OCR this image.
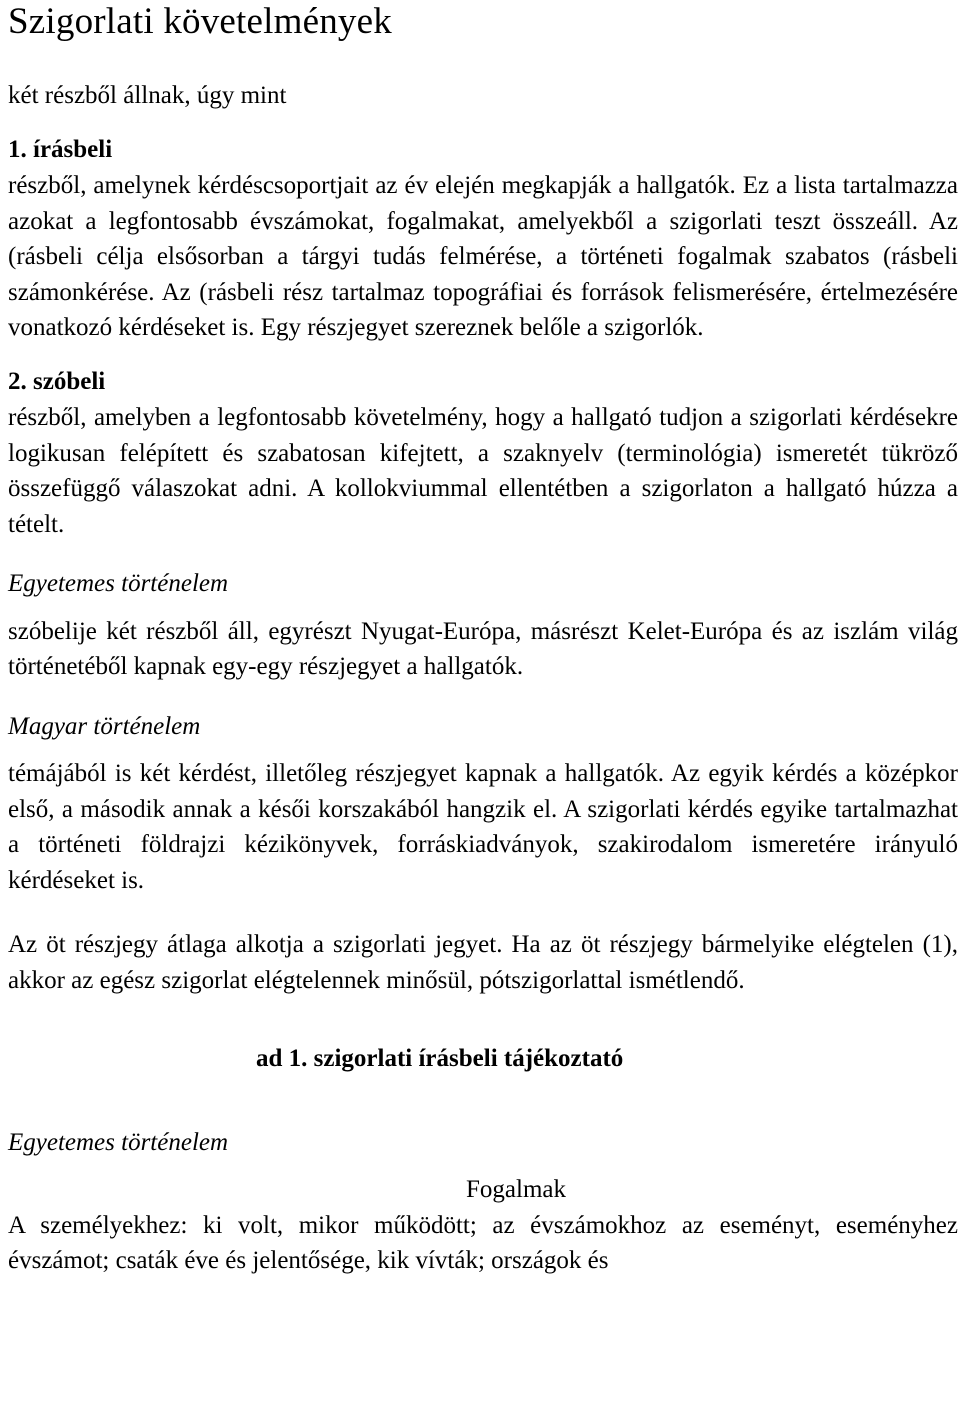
Szigorlati követelmények

két részből állnak, úgy mint

1. írásbeli

részből, amelynek kérdéscsoportjait az év elején megkapják a hallgatók. Ez a lista tartalmazza azokat a legfontosabb évszámokat, fogalmakat, amelyekből a szigorlati teszt összeáll. Az (rásbeli célja elsősorban a tárgyi tudás felmérése, a történeti fogalmak szabatos (rásbeli számonkérése. Az (rásbeli rész tartalmaz topográfiai és források felismerésére, értelmezésére vonatkozó kérdéseket is. Egy részjegyet szereznek belőle a szigorlók.

2. szóbeli

részből, amelyben a legfontosabb követelmény, hogy a hallgató tudjon a szigorlati kérdésekre logikusan felépített és szabatosan kifejtett, a szaknyelv (terminológia) ismeretét tükröző összefüggő válaszokat adni. A kollokviummal ellentétben a szigorlaton a hallgató húzza a tételt.

Egyetemes történelem

szóbelije két részből áll, egyrészt Nyugat-Európa, másrészt Kelet-Európa és az iszlám világ történetéből kapnak egy-egy részjegyet a hallgatók.

Magyar történelem

témájából is két kérdést, illetőleg részjegyet kapnak a hallgatók. Az egyik kérdés a középkor első, a második annak a késői korszakából hangzik el. A szigorlati kérdés egyike tartalmazhat a történeti földrajzi kézikönyvek, forráskiadványok, szakirodalom ismeretére irányuló kérdéseket is.

Az öt részjegy átlaga alkotja a szigorlati jegyet. Ha az öt részjegy bármelyike elégtelen (1), akkor az egész szigorlat elégtelennek minősül, pótszigorlattal ismétlendő.

ad 1. szigorlati írásbeli tájékoztató

Egyetemes történelem

Fogalmak

A személyekhez: ki volt, mikor működött; az évszámokhoz az eseményt, eseményhez évszámot; csaták éve és jelentősége, kik vívták; országok és
